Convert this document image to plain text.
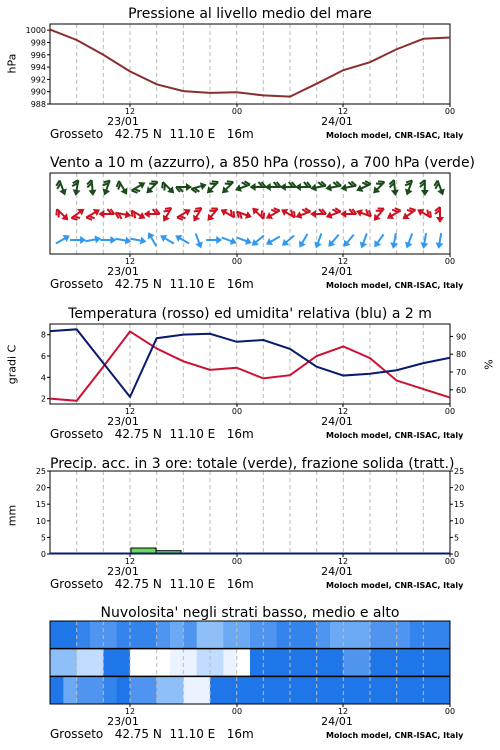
Pressione al livello medio del mare
hPa
12	00	12	00
23/01	24/01
988
990
992
994
996
998
1000
Grosseto 42.75 N 11.10 E 16m	Moloch model, CNR-ISAC, Italy
Vento a 10 m (azzurro), a 850 hPa (rosso), a 700 hPa (verde)
12	00	12	00
23/01	24/01
Grosseto 42.75 N 11.10 E 16m	Moloch model, CNR-ISAC, Italy
Temperatura (rosso) ed umidita' relativa (blu) a 2 m
gradi C	%
12	00	12	00
23/01	24/01
2
4
6
8
60
70
80
90
Grosseto 42.75 N 11.10 E 16m	Moloch model, CNR-ISAC, Italy
Precip. acc. in 3 ore: totale (verde), frazione solida (tratt.)
mm
12	00	12	00
23/01	24/01
0	0
5	5
10	10
15	15
20	20
25	25
Grosseto 42.75 N 11.10 E 16m	Moloch model, CNR-ISAC, Italy
Nuvolosita' negli strati basso, medio e alto
12	00	12	00
23/01	24/01
Grosseto 42.75 N 11.10 E 16m	Moloch model, CNR-ISAC, Italy
